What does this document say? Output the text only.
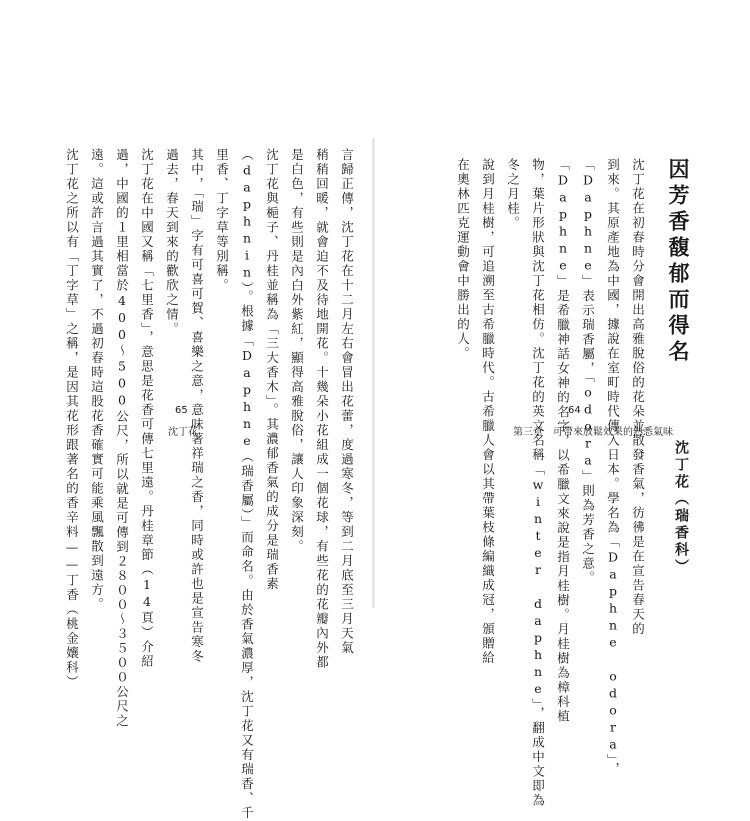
因芳香馥郁而得名
沈丁花（瑞香科）
沈丁花在初春時分會開出高雅脫俗的花朵並散發香氣，彷彿是在宣告春天的
到來。其原產地為中國，據說在室町時代傳入日本。學名為「Daphne odora」，
「Daphne」表示瑞香屬，「odora」則為芳香之意。
「Daphne」是希臘神話女神的名字，以希臘文來說是指月桂樹。月桂樹為樟科植
物，葉片形狀與沈丁花相仿。沈丁花的英文名稱「winter daphne」，翻成中文即為
冬之月桂。
說到月桂樹，可追溯至古希臘時代。古希臘人會以其帶葉枝條編織成冠，頒贈給
在奧林匹克運動會中勝出的人。
64
第三章　可帶來放鬆效果的熟悉氣味
言歸正傳，沈丁花在十二月左右會冒出花蕾，度過寒冬，等到二月底至三月天氣
稍稍回暖，就會迫不及待地開花。十幾朵小花組成一個花球，有些花的花瓣內外都
是白色，有些則是內白外紫紅，顯得高雅脫俗，讓人印象深刻。
沈丁花與梔子、丹桂並稱為「三大香木」。其濃郁香氣的成分是瑞香素
（daphnin）。根據「Daphne（瑞香屬）」而命名。由於香氣濃厚，沈丁花又有瑞香、千
里香、丁字草等別稱。
其中，「瑞」字有可喜可賀、喜樂之意，意味著祥瑞之香，同時或許也是宣告寒冬
過去，春天到來的歡欣之情。
沈丁花在中國又稱「七里香」，意思是花香可傳七里遠。丹桂章節（14頁）介紹
過，中國的１里相當於400～500公尺，所以就是可傳到２８００～３５００公尺之
遠。這或許言過其實了，不過初春時這股花香確實可能乘風飄散到遠方。
沈丁花之所以有「丁字草」之稱，是因其花形跟著名的香辛料——丁香（桃金孃科）	65
沈丁花
